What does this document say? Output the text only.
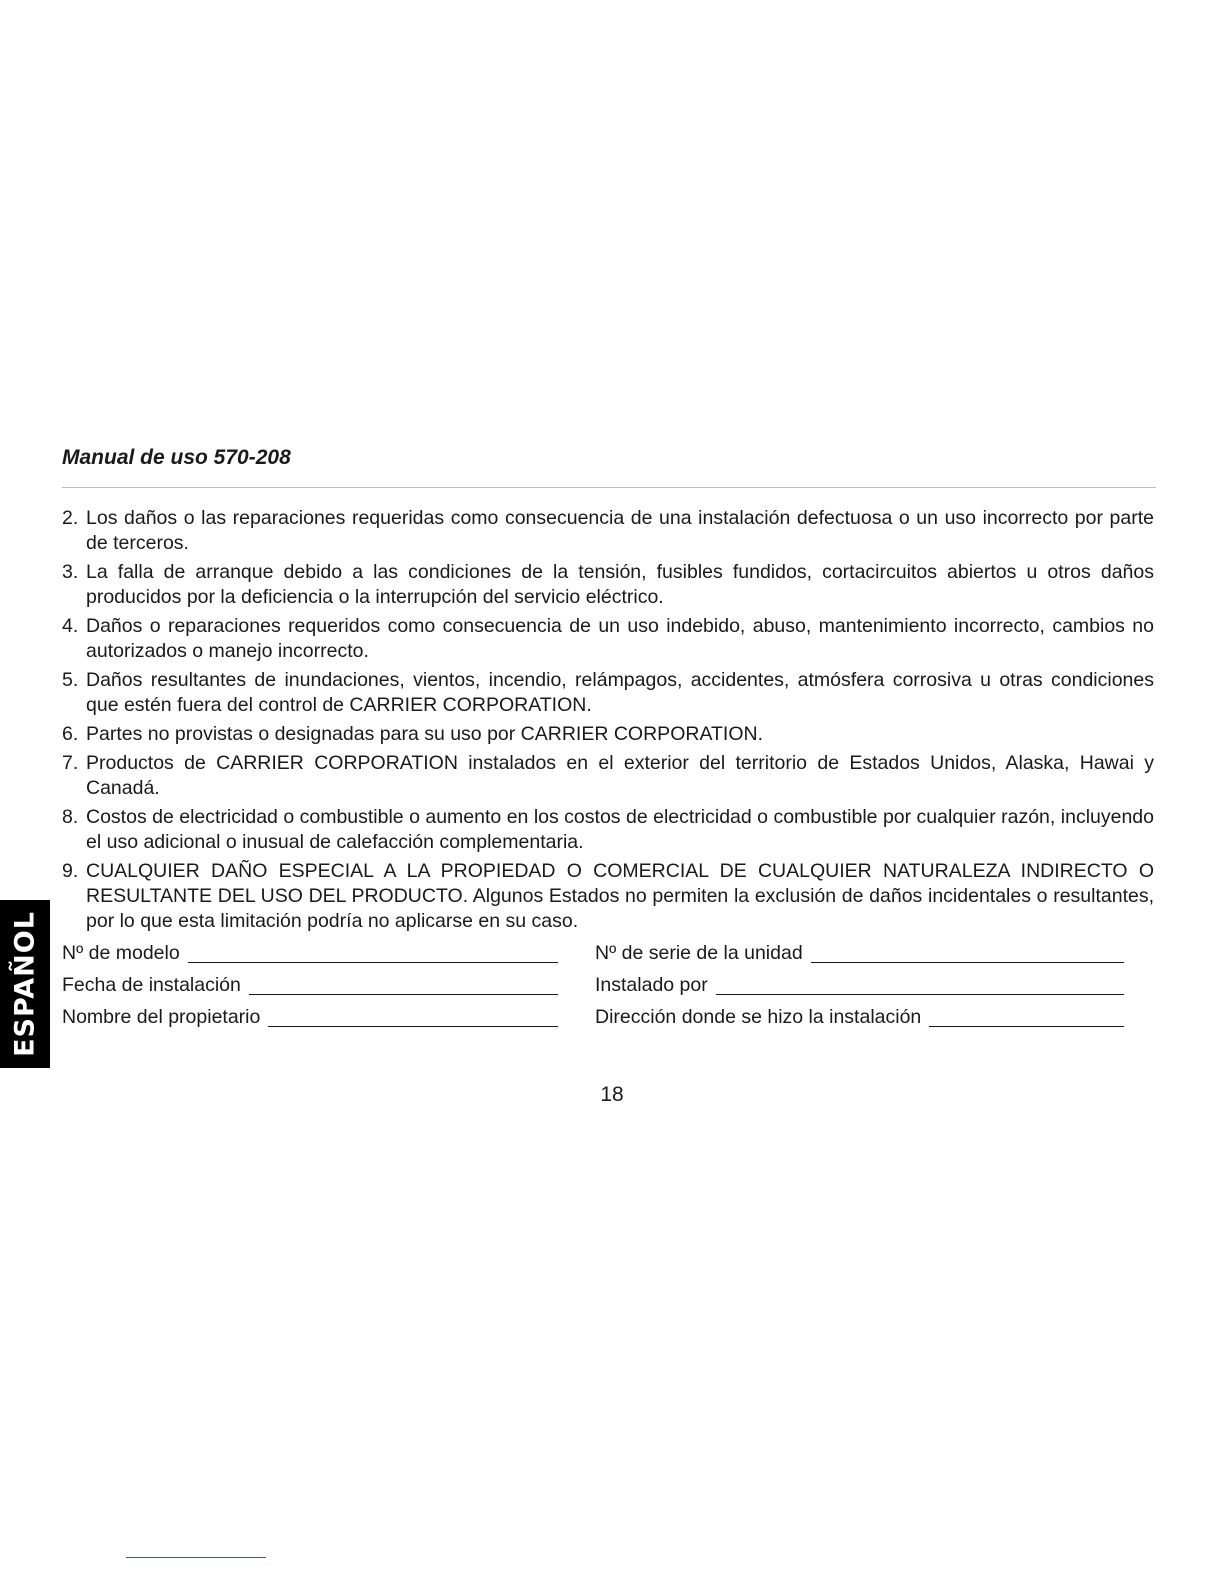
Manual de uso 570-208
2. Los daños o las reparaciones requeridas como consecuencia de una instalación defectuosa o un uso incorrecto por parte de terceros.
3. La falla de arranque debido a las condiciones de la tensión, fusibles fundidos, cortacircuitos abiertos u otros daños producidos por la deficiencia o la interrupción del servicio eléctrico.
4. Daños o reparaciones requeridos como consecuencia de un uso indebido, abuso, mantenimiento incorrecto, cambios no autorizados o manejo incorrecto.
5. Daños resultantes de inundaciones, vientos, incendio, relámpagos, accidentes, atmósfera corrosiva u otras condiciones que estén fuera del control de CARRIER CORPORATION.
6. Partes no provistas o designadas para su uso por CARRIER CORPORATION.
7. Productos de CARRIER CORPORATION instalados en el exterior del territorio de Estados Unidos, Alaska, Hawai y Canadá.
8. Costos de electricidad o combustible o aumento en los costos de electricidad o combustible por cualquier razón, incluyendo el uso adicional o inusual de calefacción complementaria.
9. CUALQUIER DAÑO ESPECIAL A LA PROPIEDAD O COMERCIAL DE CUALQUIER NATURALEZA INDIRECTO O RESULTANTE DEL USO DEL PRODUCTO. Algunos Estados no permiten la exclusión de daños incidentales o resultantes, por lo que esta limitación podría no aplicarse en su caso.
Nº de modelo	Nº de serie de la unidad
Fecha de instalación	Instalado por
Nombre del propietario	Dirección donde se hizo la instalación
ESPAÑOL
18
